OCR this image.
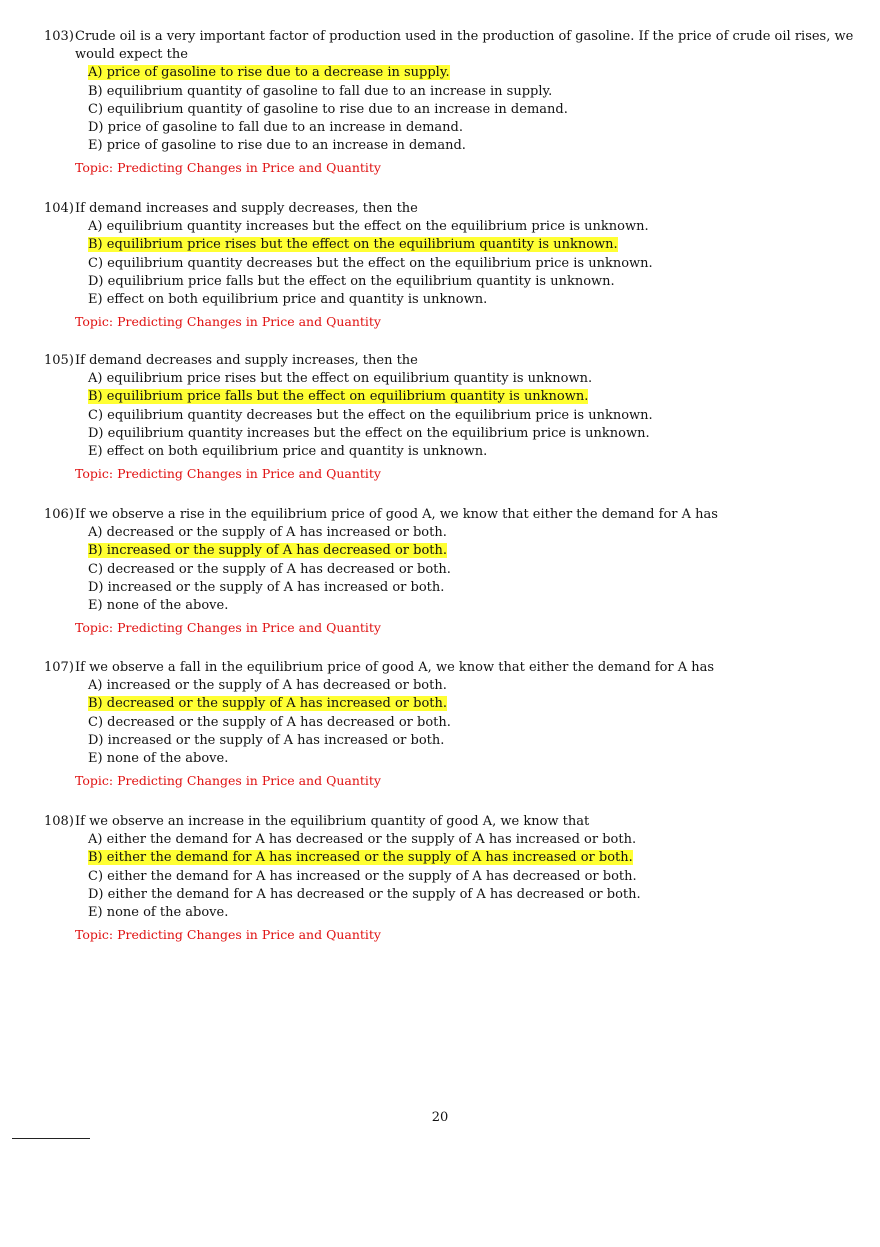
103) Crude oil is a very important factor of production used in the production of gasoline. If the price of crude oil rises, we would expect the
A) price of gasoline to rise due to a decrease in supply.
B) equilibrium quantity of gasoline to fall due to an increase in supply.
C) equilibrium quantity of gasoline to rise due to an increase in demand.
D) price of gasoline to fall due to an increase in demand.
E) price of gasoline to rise due to an increase in demand.
Topic: Predicting Changes in Price and Quantity
104) If demand increases and supply decreases, then the
A) equilibrium quantity increases but the effect on the equilibrium price is unknown.
B) equilibrium price rises but the effect on the equilibrium quantity is unknown.
C) equilibrium quantity decreases but the effect on the equilibrium price is unknown.
D) equilibrium price falls but the effect on the equilibrium quantity is unknown.
E) effect on both equilibrium price and quantity is unknown.
Topic: Predicting Changes in Price and Quantity
105) If demand decreases and supply increases, then the
A) equilibrium price rises but the effect on equilibrium quantity is unknown.
B) equilibrium price falls but the effect on equilibrium quantity is unknown.
C) equilibrium quantity decreases but the effect on the equilibrium price is unknown.
D) equilibrium quantity increases but the effect on the equilibrium price is unknown.
E) effect on both equilibrium price and quantity is unknown.
Topic: Predicting Changes in Price and Quantity
106) If we observe a rise in the equilibrium price of good A, we know that either the demand for A has
A) decreased or the supply of A has increased or both.
B) increased or the supply of A has decreased or both.
C) decreased or the supply of A has decreased or both.
D) increased or the supply of A has increased or both.
E) none of the above.
Topic: Predicting Changes in Price and Quantity
107) If we observe a fall in the equilibrium price of good A, we know that either the demand for A has
A) increased or the supply of A has decreased or both.
B) decreased or the supply of A has increased or both.
C) decreased or the supply of A has decreased or both.
D) increased or the supply of A has increased or both.
E) none of the above.
Topic: Predicting Changes in Price and Quantity
108) If we observe an increase in the equilibrium quantity of good A, we know that
A) either the demand for A has decreased or the supply of A has increased or both.
B) either the demand for A has increased or the supply of A has increased or both.
C) either the demand for A has increased or the supply of A has decreased or both.
D) either the demand for A has decreased or the supply of A has decreased or both.
E) none of the above.
Topic: Predicting Changes in Price and Quantity
20
